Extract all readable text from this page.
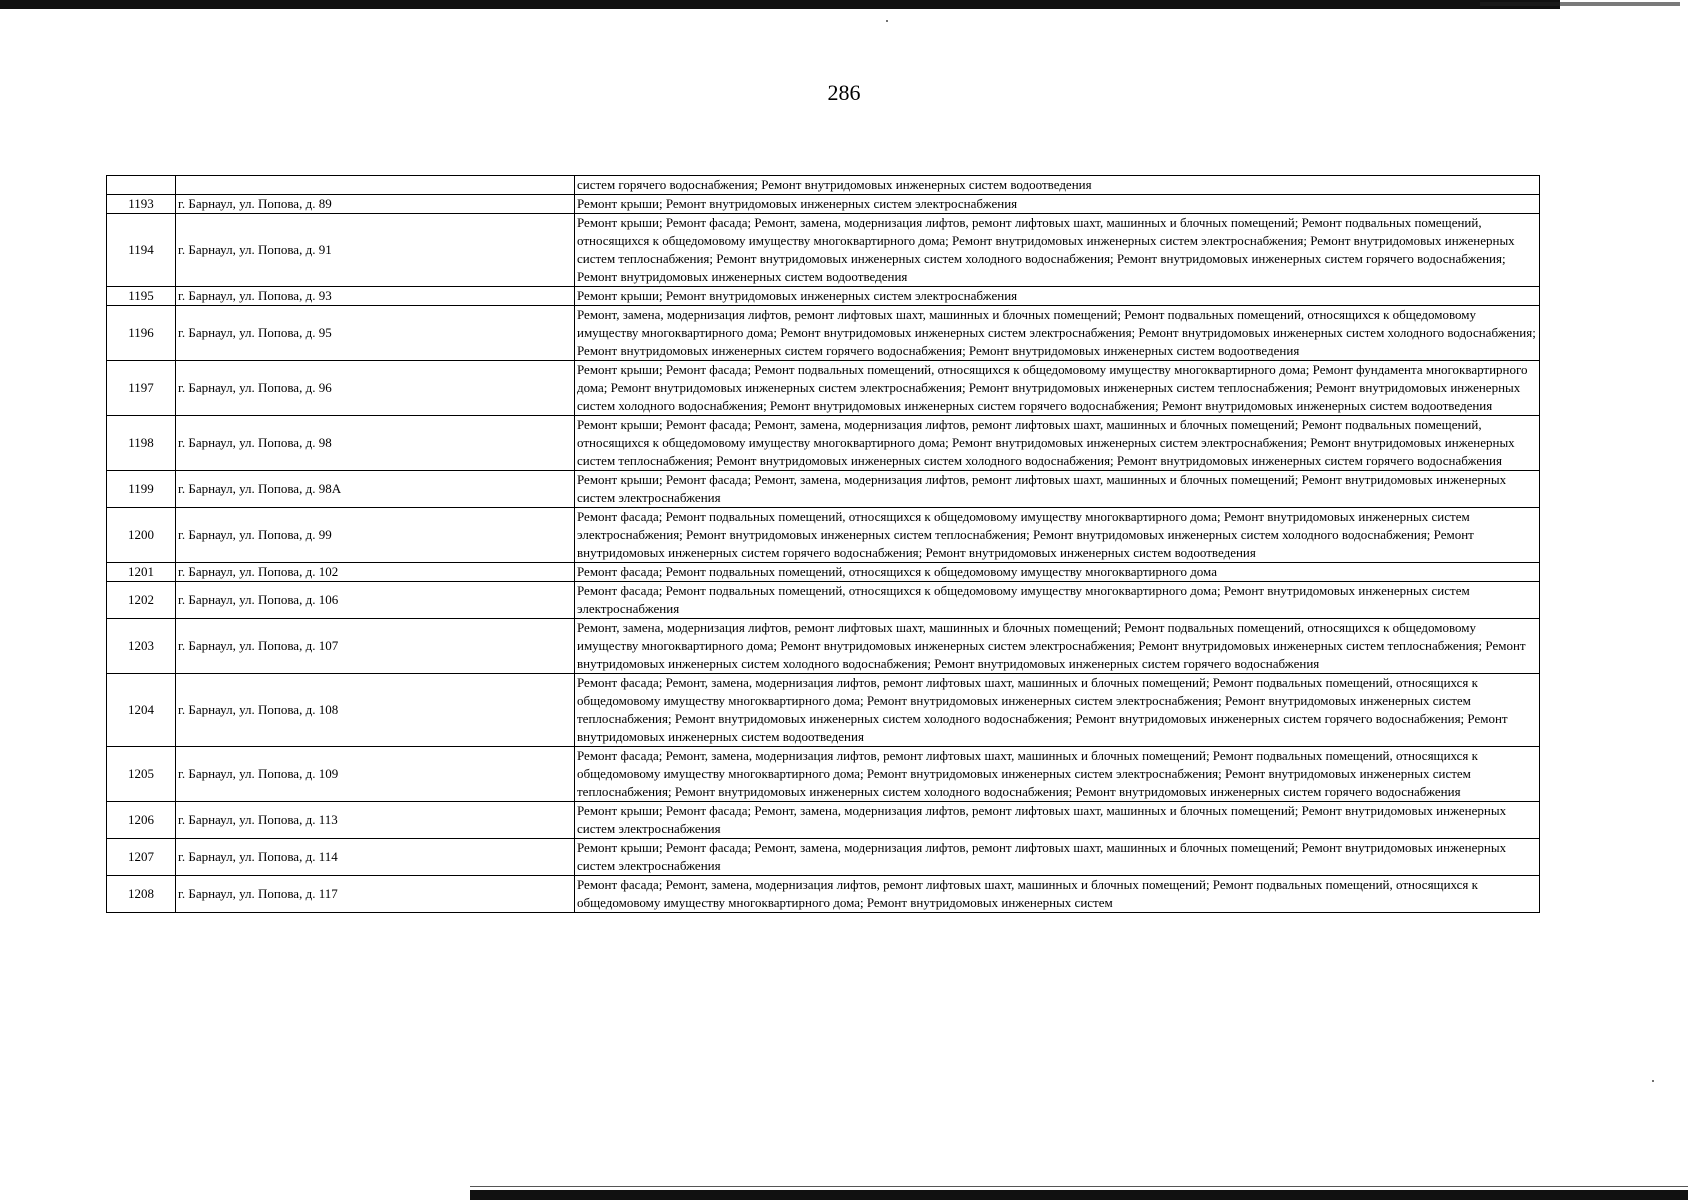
286
		систем горячего водоснабжения; Ремонт внутридомовых инженерных систем водоотведения
1193	г. Барнаул, ул. Попова, д. 89	Ремонт крыши; Ремонт внутридомовых инженерных систем электроснабжения
1194	г. Барнаул, ул. Попова, д. 91	Ремонт крыши; Ремонт фасада; Ремонт, замена, модернизация лифтов, ремонт лифтовых шахт, машинных и блочных помещений; Ремонт подвальных помещений, относящихся к общедомовому имуществу многоквартирного дома; Ремонт внутридомовых инженерных систем электроснабжения; Ремонт внутридомовых инженерных систем теплоснабжения; Ремонт внутридомовых инженерных систем холодного водоснабжения; Ремонт внутридомовых инженерных систем горячего водоснабжения; Ремонт внутридомовых инженерных систем водоотведения
1195	г. Барнаул, ул. Попова, д. 93	Ремонт крыши; Ремонт внутридомовых инженерных систем электроснабжения
1196	г. Барнаул, ул. Попова, д. 95	Ремонт, замена, модернизация лифтов, ремонт лифтовых шахт, машинных и блочных помещений; Ремонт подвальных помещений, относящихся к общедомовому имуществу многоквартирного дома; Ремонт внутридомовых инженерных систем электроснабжения; Ремонт внутридомовых инженерных систем холодного водоснабжения; Ремонт внутридомовых инженерных систем горячего водоснабжения; Ремонт внутридомовых инженерных систем водоотведения
1197	г. Барнаул, ул. Попова, д. 96	Ремонт крыши; Ремонт фасада; Ремонт подвальных помещений, относящихся к общедомовому имуществу многоквартирного дома; Ремонт фундамента многоквартирного дома; Ремонт внутридомовых инженерных систем электроснабжения; Ремонт внутридомовых инженерных систем теплоснабжения; Ремонт внутридомовых инженерных систем холодного водоснабжения; Ремонт внутридомовых инженерных систем горячего водоснабжения; Ремонт внутридомовых инженерных систем водоотведения
1198	г. Барнаул, ул. Попова, д. 98	Ремонт крыши; Ремонт фасада; Ремонт, замена, модернизация лифтов, ремонт лифтовых шахт, машинных и блочных помещений; Ремонт подвальных помещений, относящихся к общедомовому имуществу многоквартирного дома; Ремонт внутридомовых инженерных систем электроснабжения; Ремонт внутридомовых инженерных систем теплоснабжения; Ремонт внутридомовых инженерных систем холодного водоснабжения; Ремонт внутридомовых инженерных систем горячего водоснабжения
1199	г. Барнаул, ул. Попова, д. 98А	Ремонт крыши; Ремонт фасада; Ремонт, замена, модернизация лифтов, ремонт лифтовых шахт, машинных и блочных помещений; Ремонт внутридомовых инженерных систем электроснабжения
1200	г. Барнаул, ул. Попова, д. 99	Ремонт фасада; Ремонт подвальных помещений, относящихся к общедомовому имуществу многоквартирного дома; Ремонт внутридомовых инженерных систем электроснабжения; Ремонт внутридомовых инженерных систем теплоснабжения; Ремонт внутридомовых инженерных систем холодного водоснабжения; Ремонт внутридомовых инженерных систем горячего водоснабжения; Ремонт внутридомовых инженерных систем водоотведения
1201	г. Барнаул, ул. Попова, д. 102	Ремонт фасада; Ремонт подвальных помещений, относящихся к общедомовому имуществу многоквартирного дома
1202	г. Барнаул, ул. Попова, д. 106	Ремонт фасада; Ремонт подвальных помещений, относящихся к общедомовому имуществу многоквартирного дома; Ремонт внутридомовых инженерных систем электроснабжения
1203	г. Барнаул, ул. Попова, д. 107	Ремонт, замена, модернизация лифтов, ремонт лифтовых шахт, машинных и блочных помещений; Ремонт подвальных помещений, относящихся к общедомовому имуществу многоквартирного дома; Ремонт внутридомовых инженерных систем электроснабжения; Ремонт внутридомовых инженерных систем теплоснабжения; Ремонт внутридомовых инженерных систем холодного водоснабжения; Ремонт внутридомовых инженерных систем горячего водоснабжения
1204	г. Барнаул, ул. Попова, д. 108	Ремонт фасада; Ремонт, замена, модернизация лифтов, ремонт лифтовых шахт, машинных и блочных помещений; Ремонт подвальных помещений, относящихся к общедомовому имуществу многоквартирного дома; Ремонт внутридомовых инженерных систем электроснабжения; Ремонт внутридомовых инженерных систем теплоснабжения; Ремонт внутридомовых инженерных систем холодного водоснабжения; Ремонт внутридомовых инженерных систем горячего водоснабжения; Ремонт внутридомовых инженерных систем водоотведения
1205	г. Барнаул, ул. Попова, д. 109	Ремонт фасада; Ремонт, замена, модернизация лифтов, ремонт лифтовых шахт, машинных и блочных помещений; Ремонт подвальных помещений, относящихся к общедомовому имуществу многоквартирного дома; Ремонт внутридомовых инженерных систем электроснабжения; Ремонт внутридомовых инженерных систем теплоснабжения; Ремонт внутридомовых инженерных систем холодного водоснабжения; Ремонт внутридомовых инженерных систем горячего водоснабжения
1206	г. Барнаул, ул. Попова, д. 113	Ремонт крыши; Ремонт фасада; Ремонт, замена, модернизация лифтов, ремонт лифтовых шахт, машинных и блочных помещений; Ремонт внутридомовых инженерных систем электроснабжения
1207	г. Барнаул, ул. Попова, д. 114	Ремонт крыши; Ремонт фасада; Ремонт, замена, модернизация лифтов, ремонт лифтовых шахт, машинных и блочных помещений; Ремонт внутридомовых инженерных систем электроснабжения
1208	г. Барнаул, ул. Попова, д. 117	Ремонт фасада; Ремонт, замена, модернизация лифтов, ремонт лифтовых шахт, машинных и блочных помещений; Ремонт подвальных помещений, относящихся к общедомовому имуществу многоквартирного дома; Ремонт внутридомовых инженерных систем
